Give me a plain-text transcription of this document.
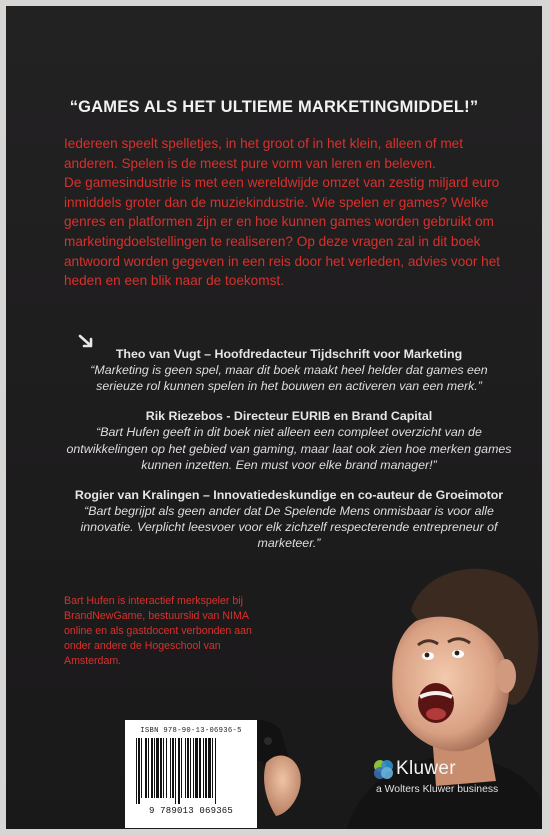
“GAMES ALS HET ULTIEME MARKETINGMIDDEL!”

Iedereen speelt spelletjes, in het groot of in het klein, alleen of met anderen. Spelen is de meest pure vorm van leren en beleven.

De gamesindustrie is met een wereldwijde omzet van zestig miljard euro inmiddels groter dan de muziekindustrie. Wie spelen er games? Welke genres en platformen zijn er en hoe kunnen games worden gebruikt om marketingdoelstellingen te realiseren? Op deze vragen zal in dit boek antwoord worden gegeven in een reis door het verleden, advies voor het heden en een blik naar de toekomst.

Theo van Vugt – Hoofdredacteur Tijdschrift voor Marketing
“Marketing is geen spel, maar dit boek maakt heel helder dat games een serieuze rol kunnen spelen in het bouwen en activeren van een merk.”
Rik Riezebos - Directeur EURIB en Brand Capital
“Bart Hufen geeft in dit boek niet alleen een compleet overzicht van de ontwikkelingen op het gebied van gaming, maar laat ook zien hoe merken games kunnen inzetten. Een must voor elke brand manager!”
Rogier van Kralingen – Innovatiedeskundige en co-auteur de Groeimotor
“Bart begrijpt als geen ander dat De Spelende Mens onmisbaar is voor alle innovatie. Verplicht leesvoer voor elk zichzelf respecterende entrepreneur of marketeer.”
Bart Hufen is interactief merkspeler bij BrandNewGame, bestuurslid van NIMA online en als gastdocent verbonden aan onder andere de Hogeschool van Amsterdam.
ISBN 978-90-13-06936-5
9 789013 069365
Kluwer
a Wolters Kluwer business
